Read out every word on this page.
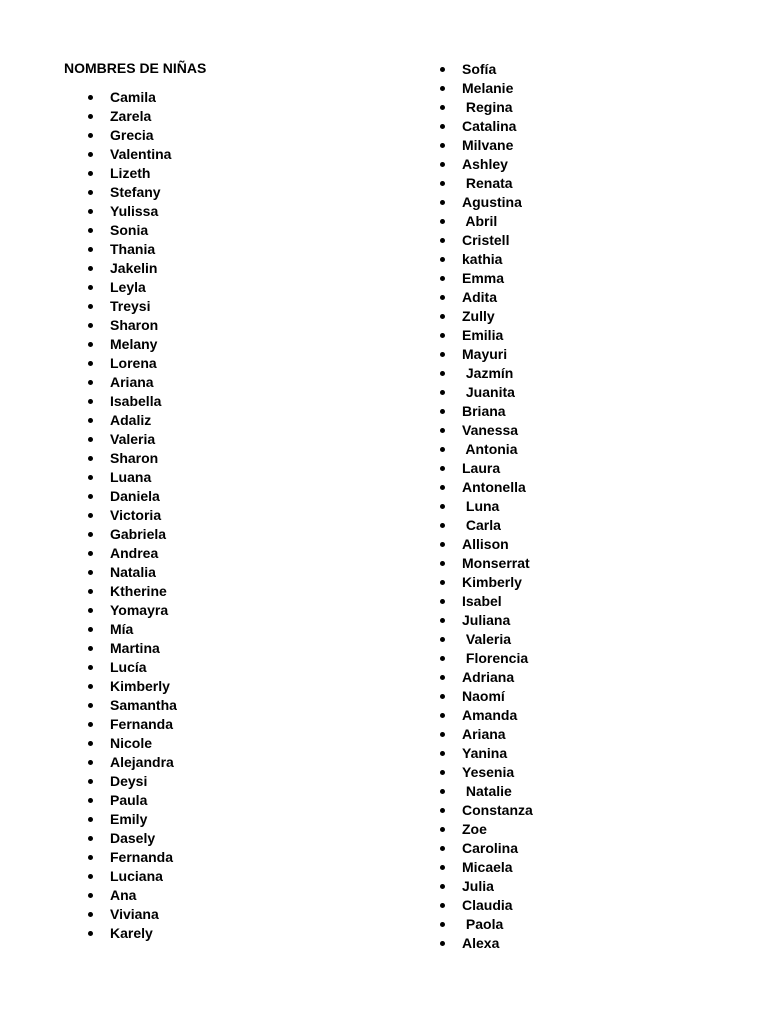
NOMBRES DE NIÑAS
Camila
Zarela
Grecia
Valentina
Lizeth
Stefany
Yulissa
Sonia
Thania
Jakelin
Leyla
Treysi
Sharon
Melany
Lorena
Ariana
Isabella
Adaliz
Valeria
Sharon
Luana
Daniela
Victoria
Gabriela
Andrea
Natalia
Ktherine
Yomayra
Mía
Martina
Lucía
Kimberly
Samantha
Fernanda
Nicole
Alejandra
Deysi
Paula
Emily
Dasely
Fernanda
Luciana
Ana
Viviana
Karely
Sofía
Melanie
Regina
Catalina
Milvane
Ashley
Renata
Agustina
Abril
Cristell
kathia
Emma
Adita
Zully
Emilia
Mayuri
Jazmín
Juanita
Briana
Vanessa
Antonia
Laura
Antonella
Luna
Carla
Allison
Monserrat
Kimberly
Isabel
Juliana
Valeria
Florencia
Adriana
Naomí
Amanda
Ariana
Yanina
Yesenia
Natalie
Constanza
Zoe
Carolina
Micaela
Julia
Claudia
Paola
Alexa
